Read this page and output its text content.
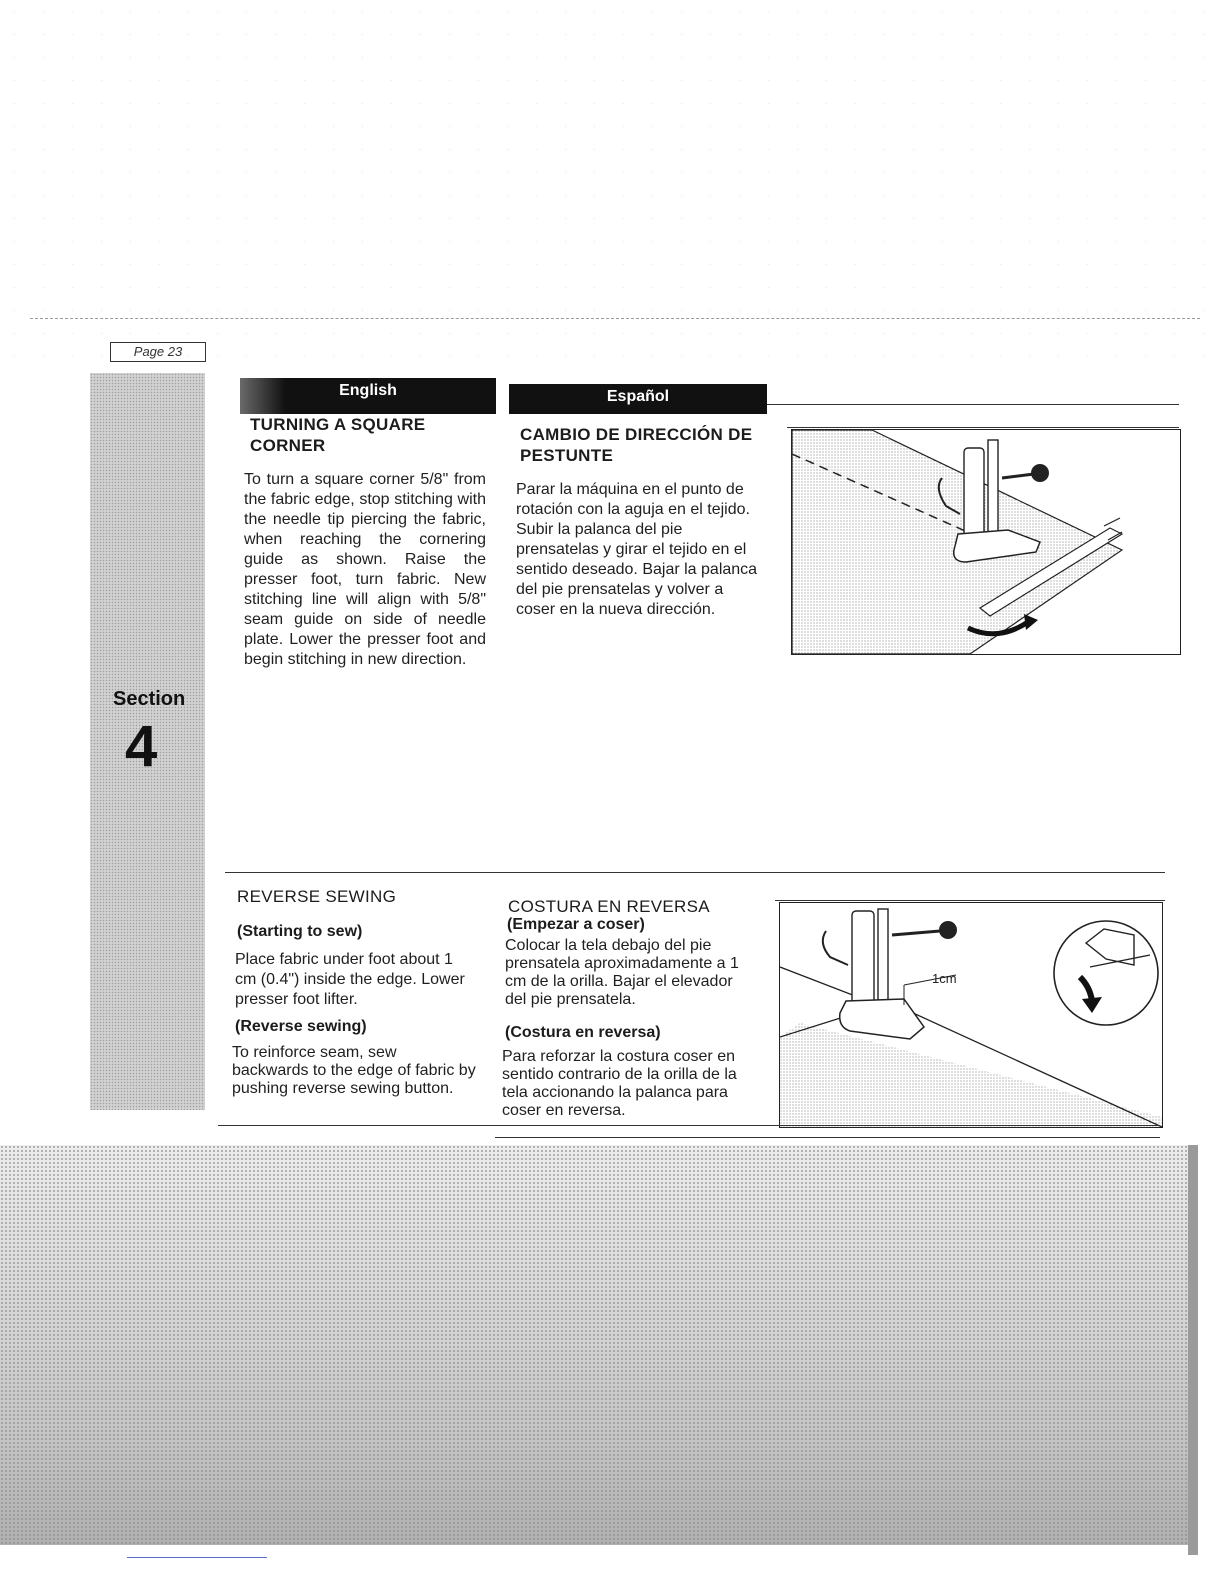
Page 23
Section
4
English	Español
TURNING A SQUARE CORNER

To turn a square corner 5/8" from the fabric edge, stop stitching with the needle tip piercing the fabric, when reaching the cornering guide as shown. Raise the presser foot, turn fabric. New stitching line will align with 5/8" seam guide on side of needle plate. Lower the presser foot and begin stitching in new direction.

CAMBIO DE DIRECCIÓN DE PESTUNTE

Parar la máquina en el punto de rotación con la aguja en el tejido. Subir la palanca del pie prensatelas y girar el tejido en el sentido deseado. Bajar la palanca del pie prensatelas y volver a coser en la nueva dirección.

REVERSE SEWING
(Starting to sew)

Place fabric under foot about 1 cm (0.4") inside the edge. Lower presser foot lifter.

(Reverse sewing)

To reinforce seam, sew backwards to the edge of fabric by pushing reverse sewing button.

COSTURA EN REVERSA
(Empezar a coser)

Colocar la tela debajo del pie prensatela aproximadamente a 1 cm de la orilla. Bajar el elevador del pie prensatela.

(Costura en reversa)

Para reforzar la costura coser en sentido contrario de la orilla de la tela accionando la palanca para coser en reversa.

1cm
